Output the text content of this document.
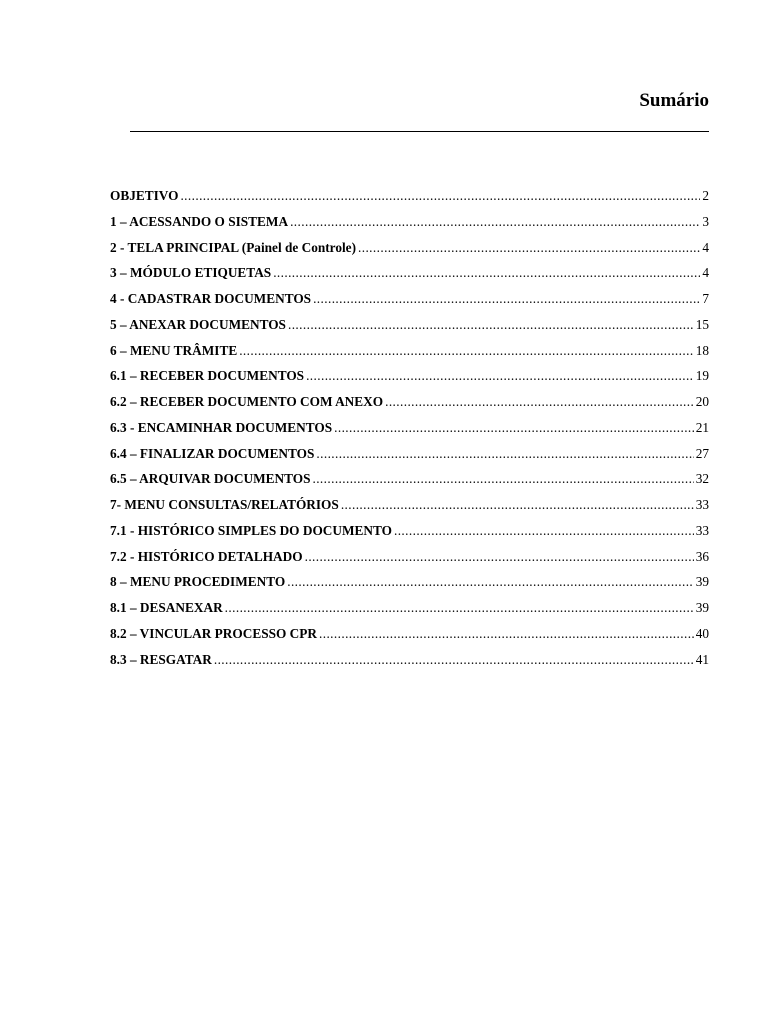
Sumário
OBJETIVO .....	2
1 – ACESSANDO O SISTEMA .....	3
2 - TELA PRINCIPAL (Painel de Controle) .....	4
3 – MÓDULO ETIQUETAS .....	4
4 - CADASTRAR DOCUMENTOS .....	7
5 – ANEXAR DOCUMENTOS .....	15
6 – MENU TRÂMITE .....	18
6.1 – RECEBER DOCUMENTOS .....	19
6.2 – RECEBER DOCUMENTO COM ANEXO .....	20
6.3 - ENCAMINHAR DOCUMENTOS .....	21
6.4 – FINALIZAR DOCUMENTOS .....	27
6.5 – ARQUIVAR DOCUMENTOS .....	32
7- MENU CONSULTAS/RELATÓRIOS .....	33
7.1 - HISTÓRICO SIMPLES DO DOCUMENTO .....	33
7.2 - HISTÓRICO DETALHADO .....	36
8 – MENU PROCEDIMENTO .....	39
8.1 – DESANEXAR .....	39
8.2 – VINCULAR PROCESSO CPR .....	40
8.3 – RESGATAR .....	41
